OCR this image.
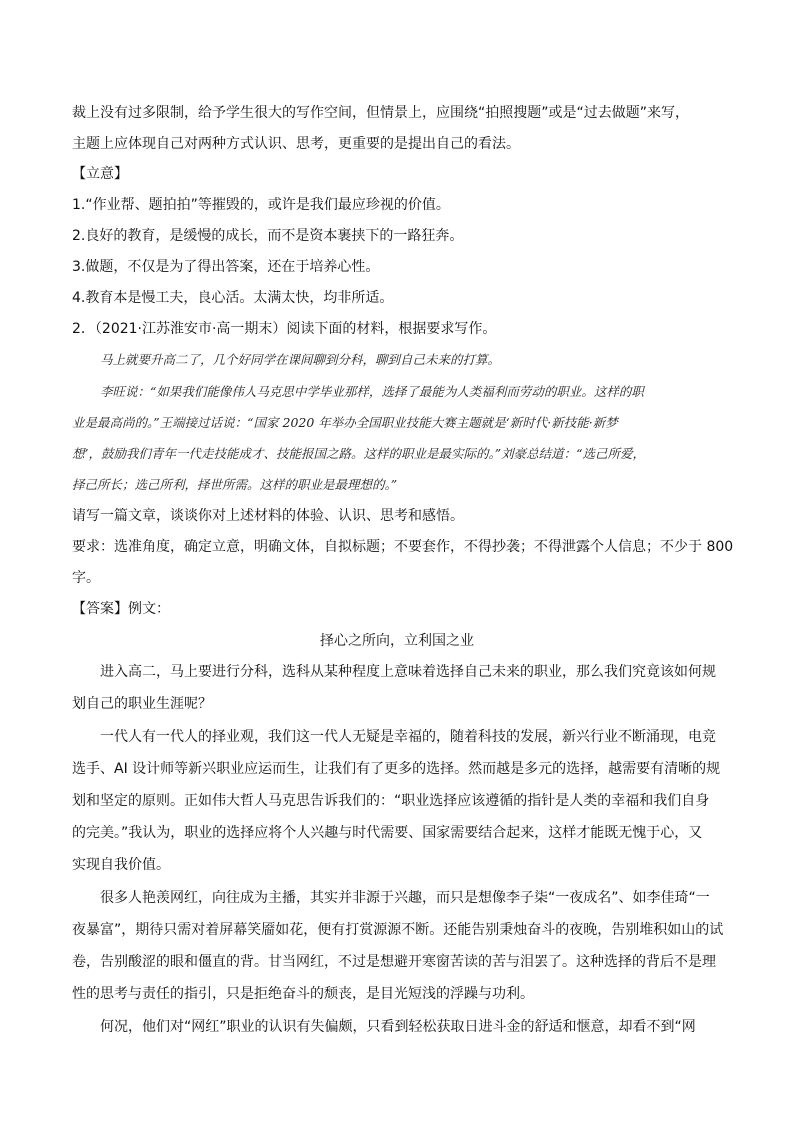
裁上没有过多限制，给予学生很大的写作空间，但情景上，应围绕“拍照搜题”或是“过去做题”来写，
主题上应体现自己对两种方式认识、思考，更重要的是提出自己的看法。
【立意】
1.“作业帮、题拍拍”等摧毁的，或许是我们最应珍视的价值。
2.良好的教育，是缓慢的成长，而不是资本裹挟下的一路狂奔。
3.做题，不仅是为了得出答案，还在于培养心性。
4.教育本是慢工夫，良心活。太满太快，均非所适。
2．（2021·江苏淮安市·高一期末）阅读下面的材料，根据要求写作。
马上就要升高二了，几个好同学在课间聊到分科，聊到自己未来的打算。
李旺说：“如果我们能像伟人马克思中学毕业那样，选择了最能为人类福利而劳动的职业。这样的职
业是最高尚的。”王端接过话说：“国家 2020 年举办全国职业技能大赛主题就是‘新时代·新技能·新梦
想’，鼓励我们青年一代走技能成才、技能报国之路。这样的职业是最实际的。”刘豪总结道：“选己所爱，
择己所长；选己所利，择世所需。这样的职业是最理想的。”
请写一篇文章，谈谈你对上述材料的体验、认识、思考和感悟。
要求：选准角度，确定立意，明确文体，自拟标题；不要套作，不得抄袭；不得泄露个人信息；不少于 800
字。
【答案】例文：
择心之所向，立利国之业
进入高二，马上要进行分科，选科从某种程度上意味着选择自己未来的职业，那么我们究竟该如何规
划自己的职业生涯呢？
一代人有一代人的择业观，我们这一代人无疑是幸福的，随着科技的发展，新兴行业不断涌现，电竞
选手、AI 设计师等新兴职业应运而生，让我们有了更多的选择。然而越是多元的选择，越需要有清晰的规
划和坚定的原则。正如伟大哲人马克思告诉我们的：“职业选择应该遵循的指针是人类的幸福和我们自身
的完美。”我认为，职业的选择应将个人兴趣与时代需要、国家需要结合起来，这样才能既无愧于心，又
实现自我价值。
很多人艳羡网红，向往成为主播，其实并非源于兴趣，而只是想像李子柒“一夜成名”、如李佳琦“一
夜暴富”，期待只需对着屏幕笑靥如花，便有打赏源源不断。还能告别秉烛奋斗的夜晚，告别堆积如山的试
卷，告别酸涩的眼和僵直的背。甘当网红，不过是想避开寒窗苦读的苦与泪罢了。这种选择的背后不是理
性的思考与责任的指引，只是拒绝奋斗的颓丧，是目光短浅的浮躁与功利。
何况，他们对“网红”职业的认识有失偏颇，只看到轻松获取日进斗金的舒适和惬意，却看不到“网
